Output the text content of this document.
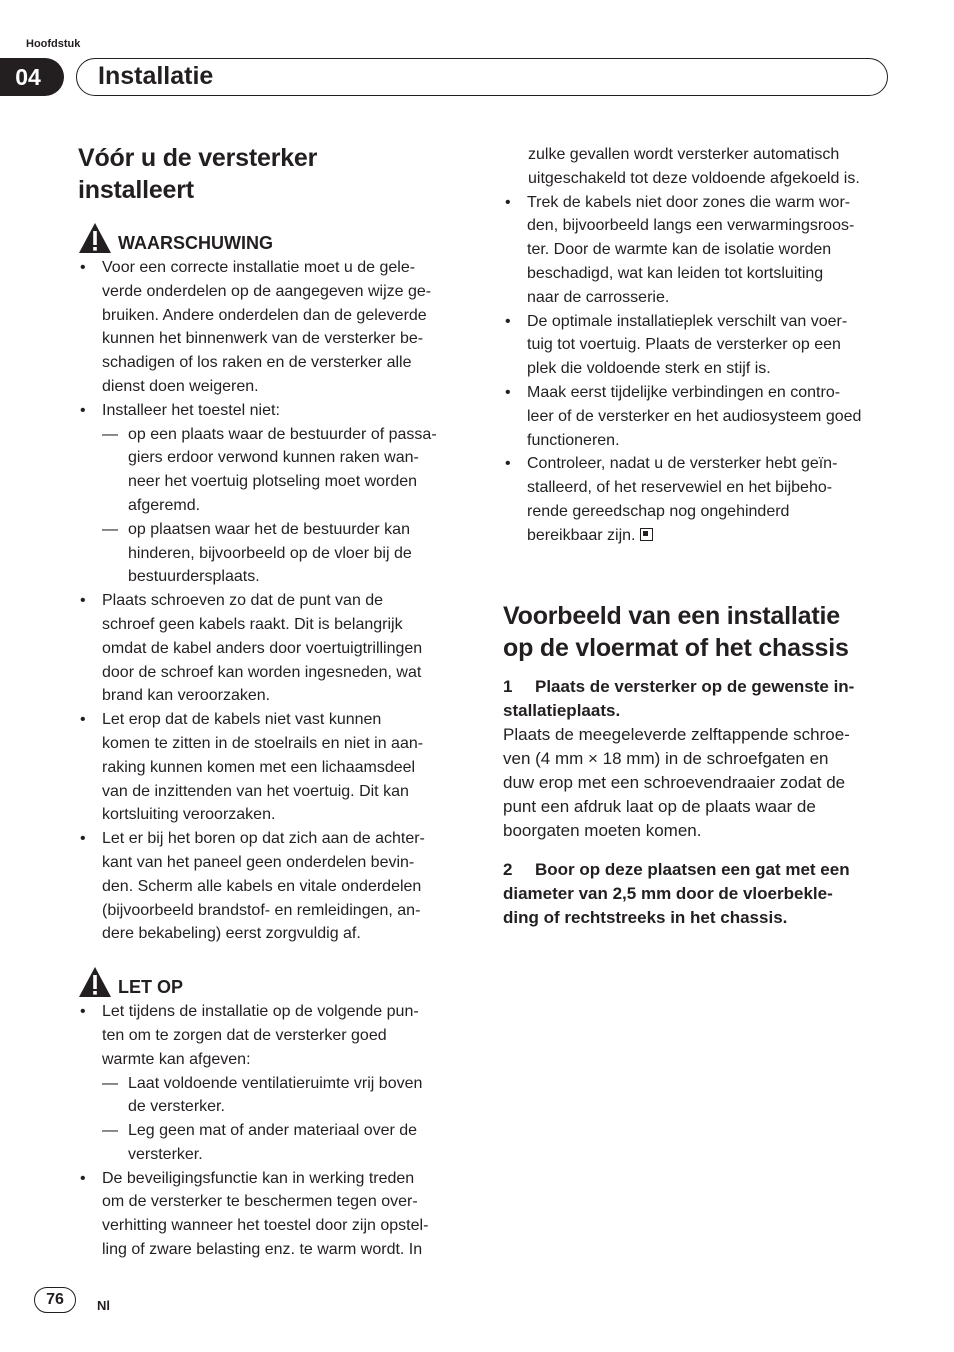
Hoofdstuk
04	Installatie
Vóór u de versterker
installeert
WAARSCHUWING
•	Voor een correcte installatie moet u de gele-
verde onderdelen op de aangegeven wijze ge-
bruiken. Andere onderdelen dan de geleverde
kunnen het binnenwerk van de versterker be-
schadigen of los raken en de versterker alle
dienst doen weigeren.
•	Installeer het toestel niet:
— op een plaats waar de bestuurder of passa-
giers erdoor verwond kunnen raken wan-
neer het voertuig plotseling moet worden
afgeremd.
— op plaatsen waar het de bestuurder kan
hinderen, bijvoorbeeld op de vloer bij de
bestuurdersplaats.
•	Plaats schroeven zo dat de punt van de
schroef geen kabels raakt. Dit is belangrijk
omdat de kabel anders door voertuigtrillingen
door de schroef kan worden ingesneden, wat
brand kan veroorzaken.
•	Let erop dat de kabels niet vast kunnen
komen te zitten in de stoelrails en niet in aan-
raking kunnen komen met een lichaamsdeel
van de inzittenden van het voertuig. Dit kan
kortsluiting veroorzaken.
•	Let er bij het boren op dat zich aan de achter-
kant van het paneel geen onderdelen bevin-
den. Scherm alle kabels en vitale onderdelen
(bijvoorbeeld brandstof- en remleidingen, an-
dere bekabeling) eerst zorgvuldig af.
LET OP
•	Let tijdens de installatie op de volgende pun-
ten om te zorgen dat de versterker goed
warmte kan afgeven:
— Laat voldoende ventilatieruimte vrij boven
de versterker.
— Leg geen mat of ander materiaal over de
versterker.
•	De beveiligingsfunctie kan in werking treden
om de versterker te beschermen tegen over-
verhitting wanneer het toestel door zijn opstel-
ling of zware belasting enz. te warm wordt. In
zulke gevallen wordt versterker automatisch
uitgeschakeld tot deze voldoende afgekoeld is.
•	Trek de kabels niet door zones die warm wor-
den, bijvoorbeeld langs een verwarmingsroos-
ter. Door de warmte kan de isolatie worden
beschadigd, wat kan leiden tot kortsluiting
naar de carrosserie.
•	De optimale installatieplek verschilt van voer-
tuig tot voertuig. Plaats de versterker op een
plek die voldoende sterk en stijf is.
•	Maak eerst tijdelijke verbindingen en contro-
leer of de versterker en het audiosysteem goed
functioneren.
•	Controleer, nadat u de versterker hebt geïn-
stalleerd, of het reservewiel en het bijbeho-
rende gereedschap nog ongehinderd
bereikbaar zijn.
Voorbeeld van een installatie
op de vloermat of het chassis
1 Plaats de versterker op de gewenste in-
stallatieplaats.
Plaats de meegeleverde zelftappende schroe-
ven (4 mm × 18 mm) in de schroefgaten en
duw erop met een schroevendraaier zodat de
punt een afdruk laat op de plaats waar de
boorgaten moeten komen.
2 Boor op deze plaatsen een gat met een
diameter van 2,5 mm door de vloerbekle-
ding of rechtstreeks in het chassis.
76	Nl
